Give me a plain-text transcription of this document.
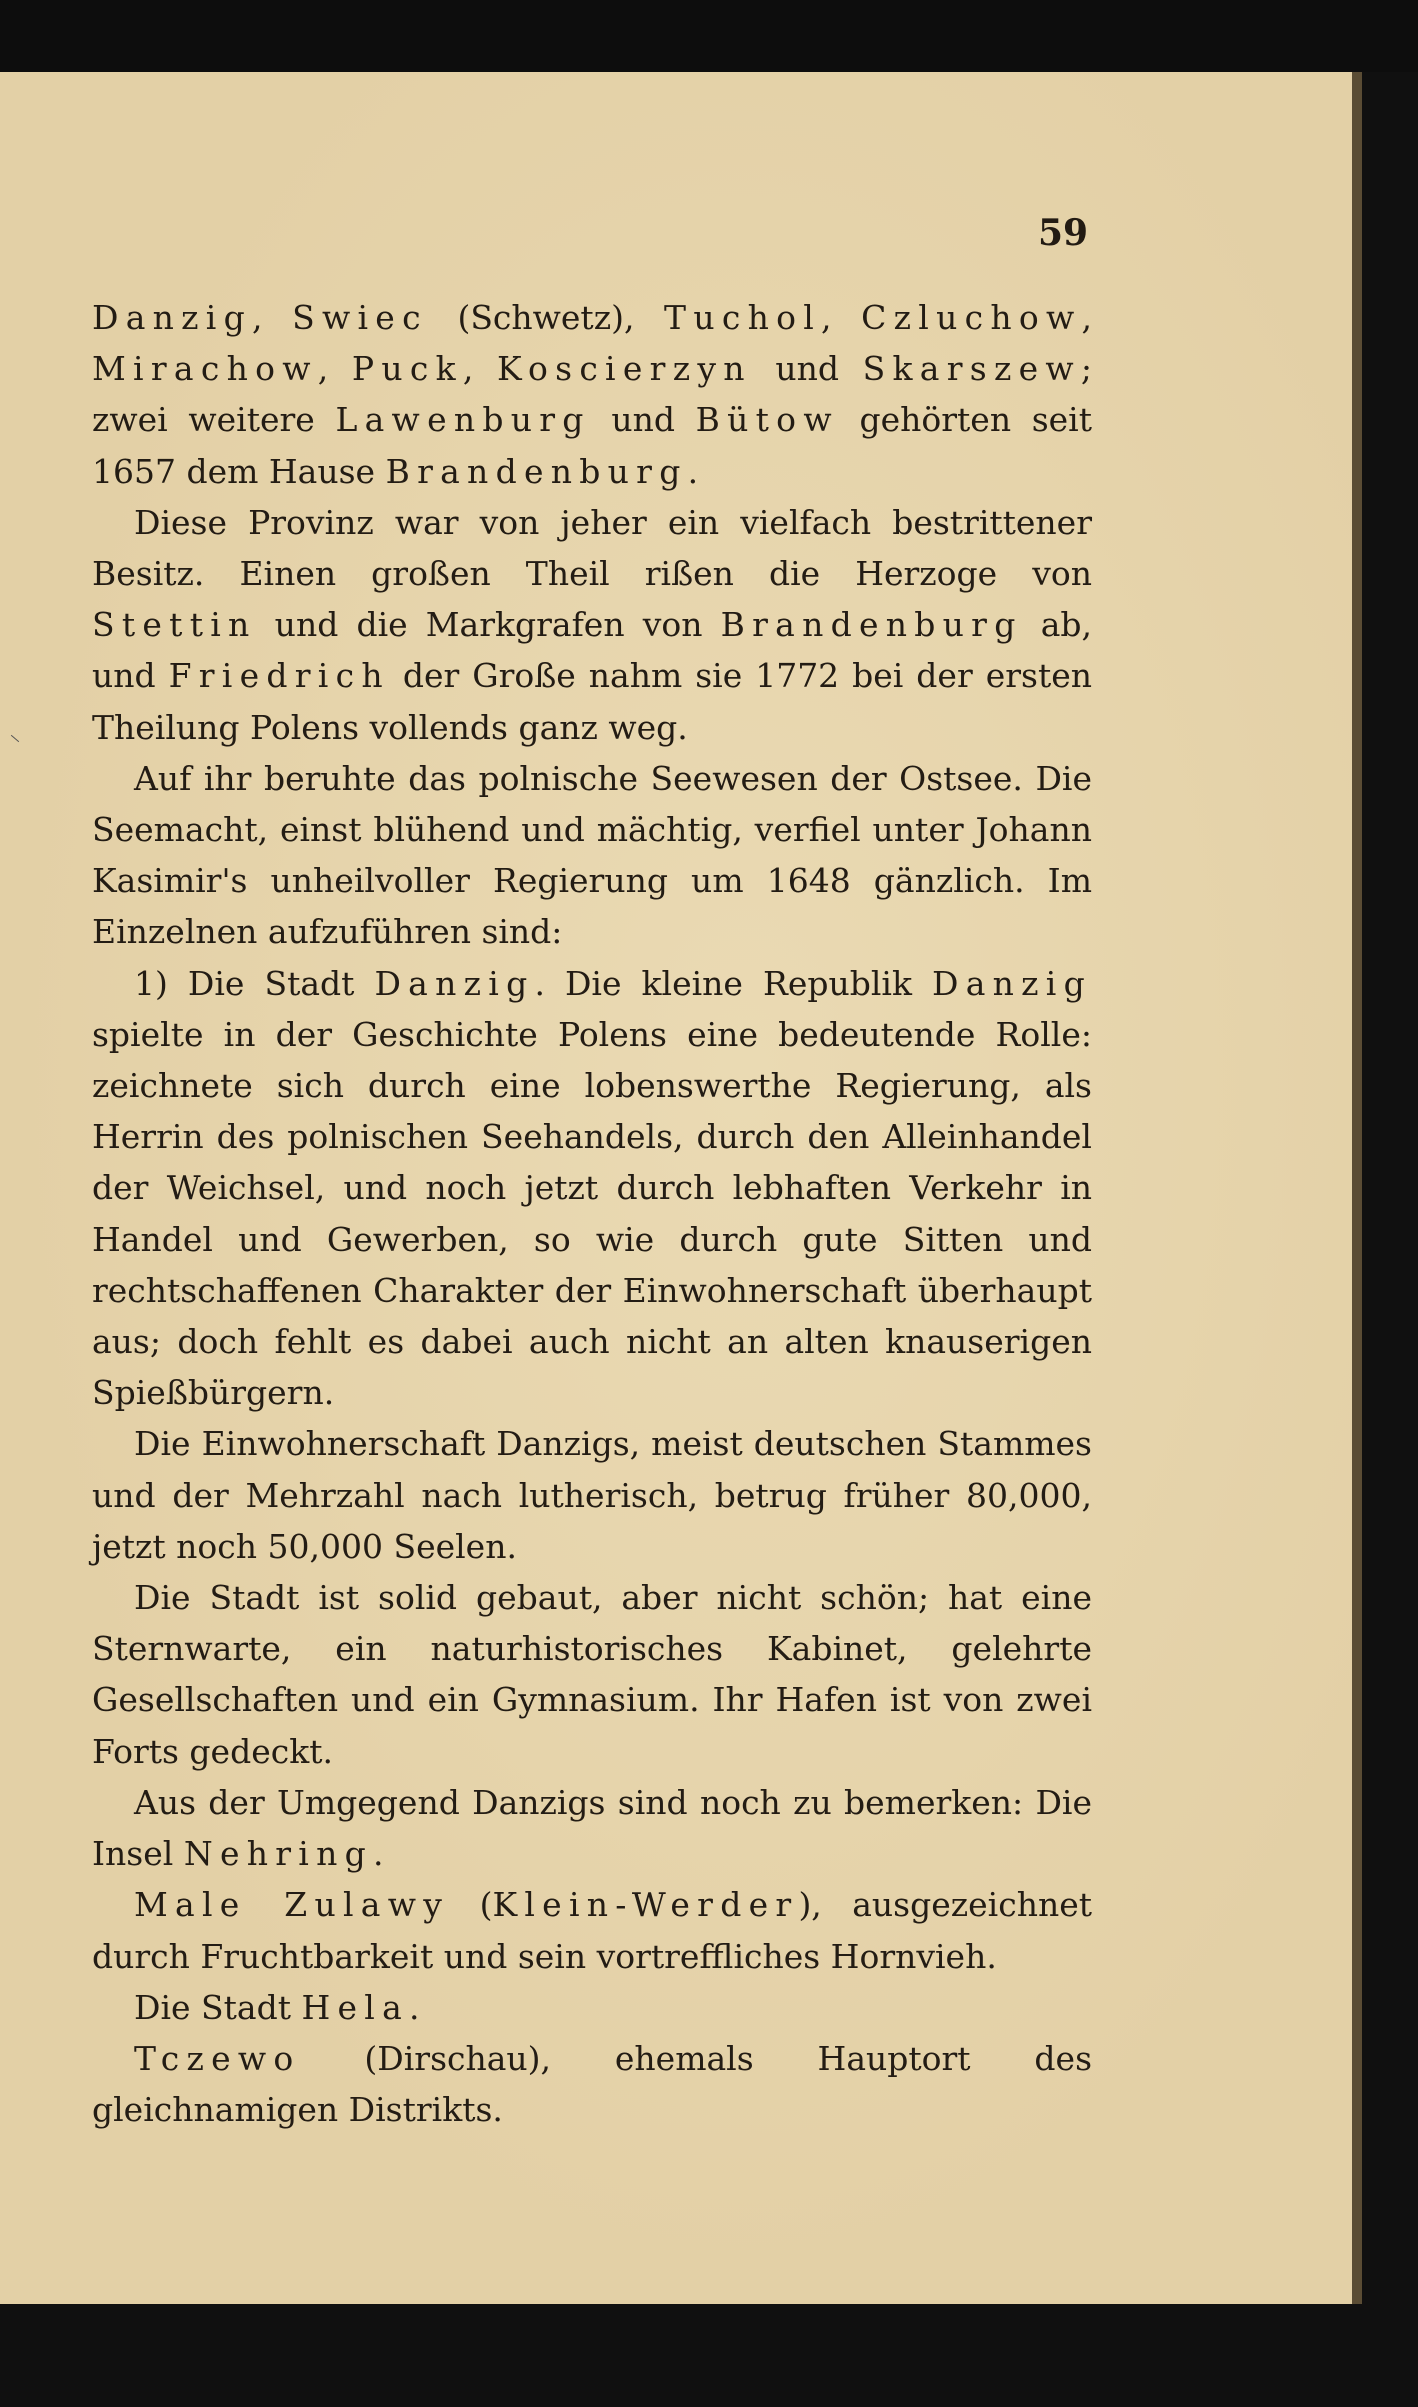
59

Danzig, Swiec (Schwetz), Tuchol, Czluchow, Mirachow, Puck, Koscierzyn und Skarszew; zwei weitere Lawenburg und Bütow gehörten seit 1657 dem Hause Brandenburg.

Diese Provinz war von jeher ein vielfach bestrittener Besitz. Einen großen Theil rißen die Herzoge von Stettin und die Markgrafen von Brandenburg ab, und Friedrich der Große nahm sie 1772 bei der ersten Theilung Polens vollends ganz weg.

Auf ihr beruhte das polnische Seewesen der Ostsee. Die Seemacht, einst blühend und mächtig, verfiel unter Johann Kasimir's unheilvoller Regierung um 1648 gänzlich. Im Einzelnen aufzuführen sind:

1) Die Stadt Danzig. Die kleine Republik Danzig spielte in der Geschichte Polens eine bedeutende Rolle: zeichnete sich durch eine lobenswerthe Regierung, als Herrin des polnischen Seehandels, durch den Alleinhandel der Weichsel, und noch jetzt durch lebhaften Verkehr in Handel und Gewerben, so wie durch gute Sitten und rechtschaffenen Charakter der Einwohnerschaft überhaupt aus; doch fehlt es dabei auch nicht an alten knauserigen Spießbürgern.

Die Einwohnerschaft Danzigs, meist deutschen Stammes und der Mehrzahl nach lutherisch, betrug früher 80,000, jetzt noch 50,000 Seelen.

Die Stadt ist solid gebaut, aber nicht schön; hat eine Sternwarte, ein naturhistorisches Kabinet, gelehrte Gesellschaften und ein Gymnasium. Ihr Hafen ist von zwei Forts gedeckt.

Aus der Umgegend Danzigs sind noch zu bemerken: Die Insel Nehring.

Male Zulawy (Klein-Werder), ausgezeichnet durch Fruchtbarkeit und sein vortreffliches Hornvieh.

Die Stadt Hela.

Tczewo (Dirschau), ehemals Hauptort des gleichnamigen Distrikts.
